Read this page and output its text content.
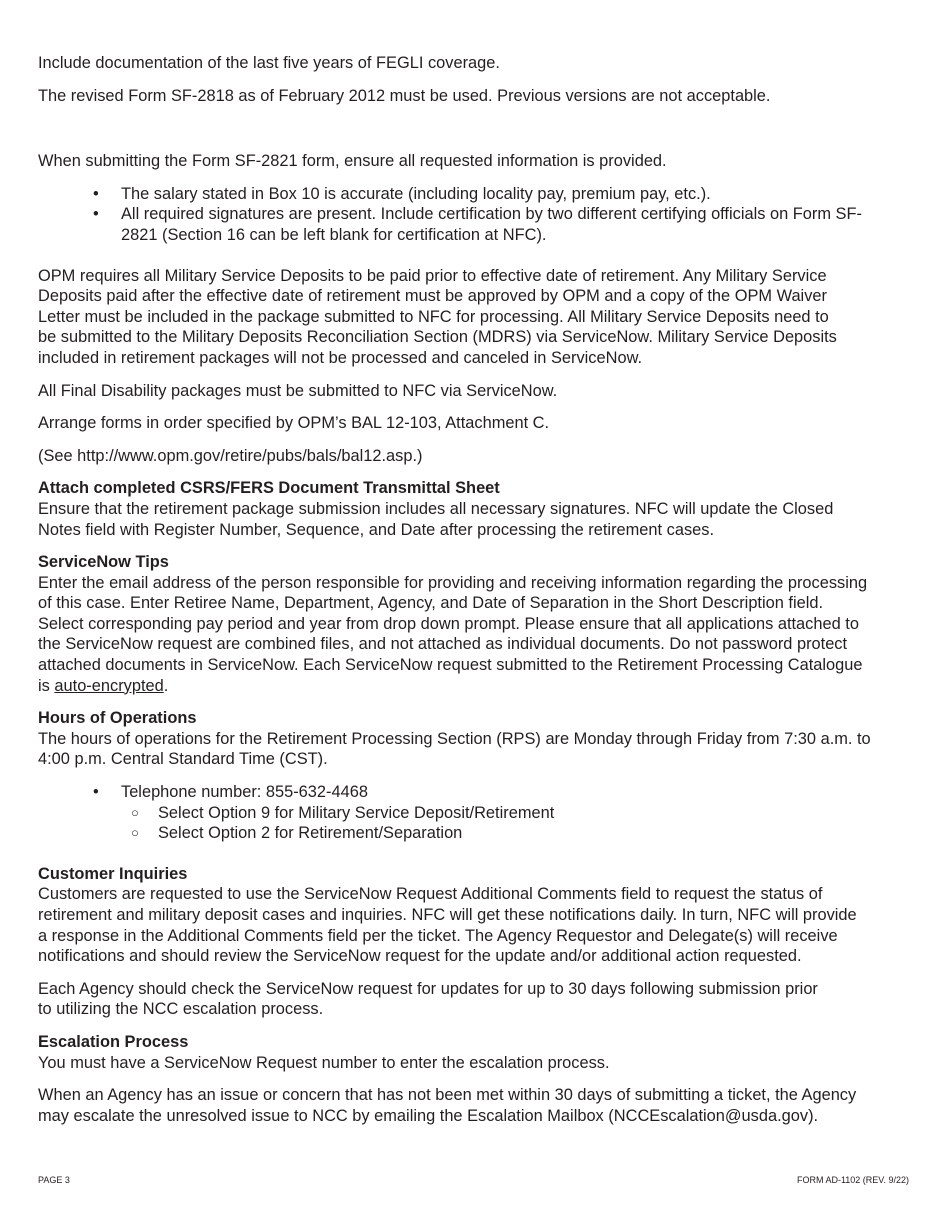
Include documentation of the last five years of FEGLI coverage.

The revised Form SF-2818 as of February 2012 must be used. Previous versions are not acceptable.

When submitting the Form SF-2821 form, ensure all requested information is provided.

• The salary stated in Box 10 is accurate (including locality pay, premium pay, etc.).
• All required signatures are present. Include certification by two different certifying officials on Form SF-
2821 (Section 16 can be left blank for certification at NFC).

OPM requires all Military Service Deposits to be paid prior to effective date of retirement. Any Military Service
Deposits paid after the effective date of retirement must be approved by OPM and a copy of the OPM Waiver
Letter must be included in the package submitted to NFC for processing. All Military Service Deposits need to
be submitted to the Military Deposits Reconciliation Section (MDRS) via ServiceNow. Military Service Deposits
included in retirement packages will not be processed and canceled in ServiceNow.

All Final Disability packages must be submitted to NFC via ServiceNow.

Arrange forms in order specified by OPM’s BAL 12-103, Attachment C.

(See http://www.opm.gov/retire/pubs/bals/bal12.asp.)

Attach completed CSRS/FERS Document Transmittal Sheet
Ensure that the retirement package submission includes all necessary signatures. NFC will update the Closed
Notes field with Register Number, Sequence, and Date after processing the retirement cases.
ServiceNow Tips
Enter the email address of the person responsible for providing and receiving information regarding the processing
of this case. Enter Retiree Name, Department, Agency, and Date of Separation in the Short Description field.
Select corresponding pay period and year from drop down prompt. Please ensure that all applications attached to
the ServiceNow request are combined files, and not attached as individual documents. Do not password protect
attached documents in ServiceNow. Each ServiceNow request submitted to the Retirement Processing Catalogue
is auto-encrypted.
Hours of Operations
The hours of operations for the Retirement Processing Section (RPS) are Monday through Friday from 7:30 a.m. to
4:00 p.m. Central Standard Time (CST).
• Telephone number: 855-632-4468
○ Select Option 9 for Military Service Deposit/Retirement
○ Select Option 2 for Retirement/Separation
Customer Inquiries
Customers are requested to use the ServiceNow Request Additional Comments field to request the status of
retirement and military deposit cases and inquiries. NFC will get these notifications daily. In turn, NFC will provide
a response in the Additional Comments field per the ticket. The Agency Requestor and Delegate(s) will receive
notifications and should review the ServiceNow request for the update and/or additional action requested.

Each Agency should check the ServiceNow request for updates for up to 30 days following submission prior
to utilizing the NCC escalation process.

Escalation Process
You must have a ServiceNow Request number to enter the escalation process.

When an Agency has an issue or concern that has not been met within 30 days of submitting a ticket, the Agency
may escalate the unresolved issue to NCC by emailing the Escalation Mailbox (NCCEscalation@usda.gov).

PAGE 3	FORM AD-1102 (REV. 9/22)
